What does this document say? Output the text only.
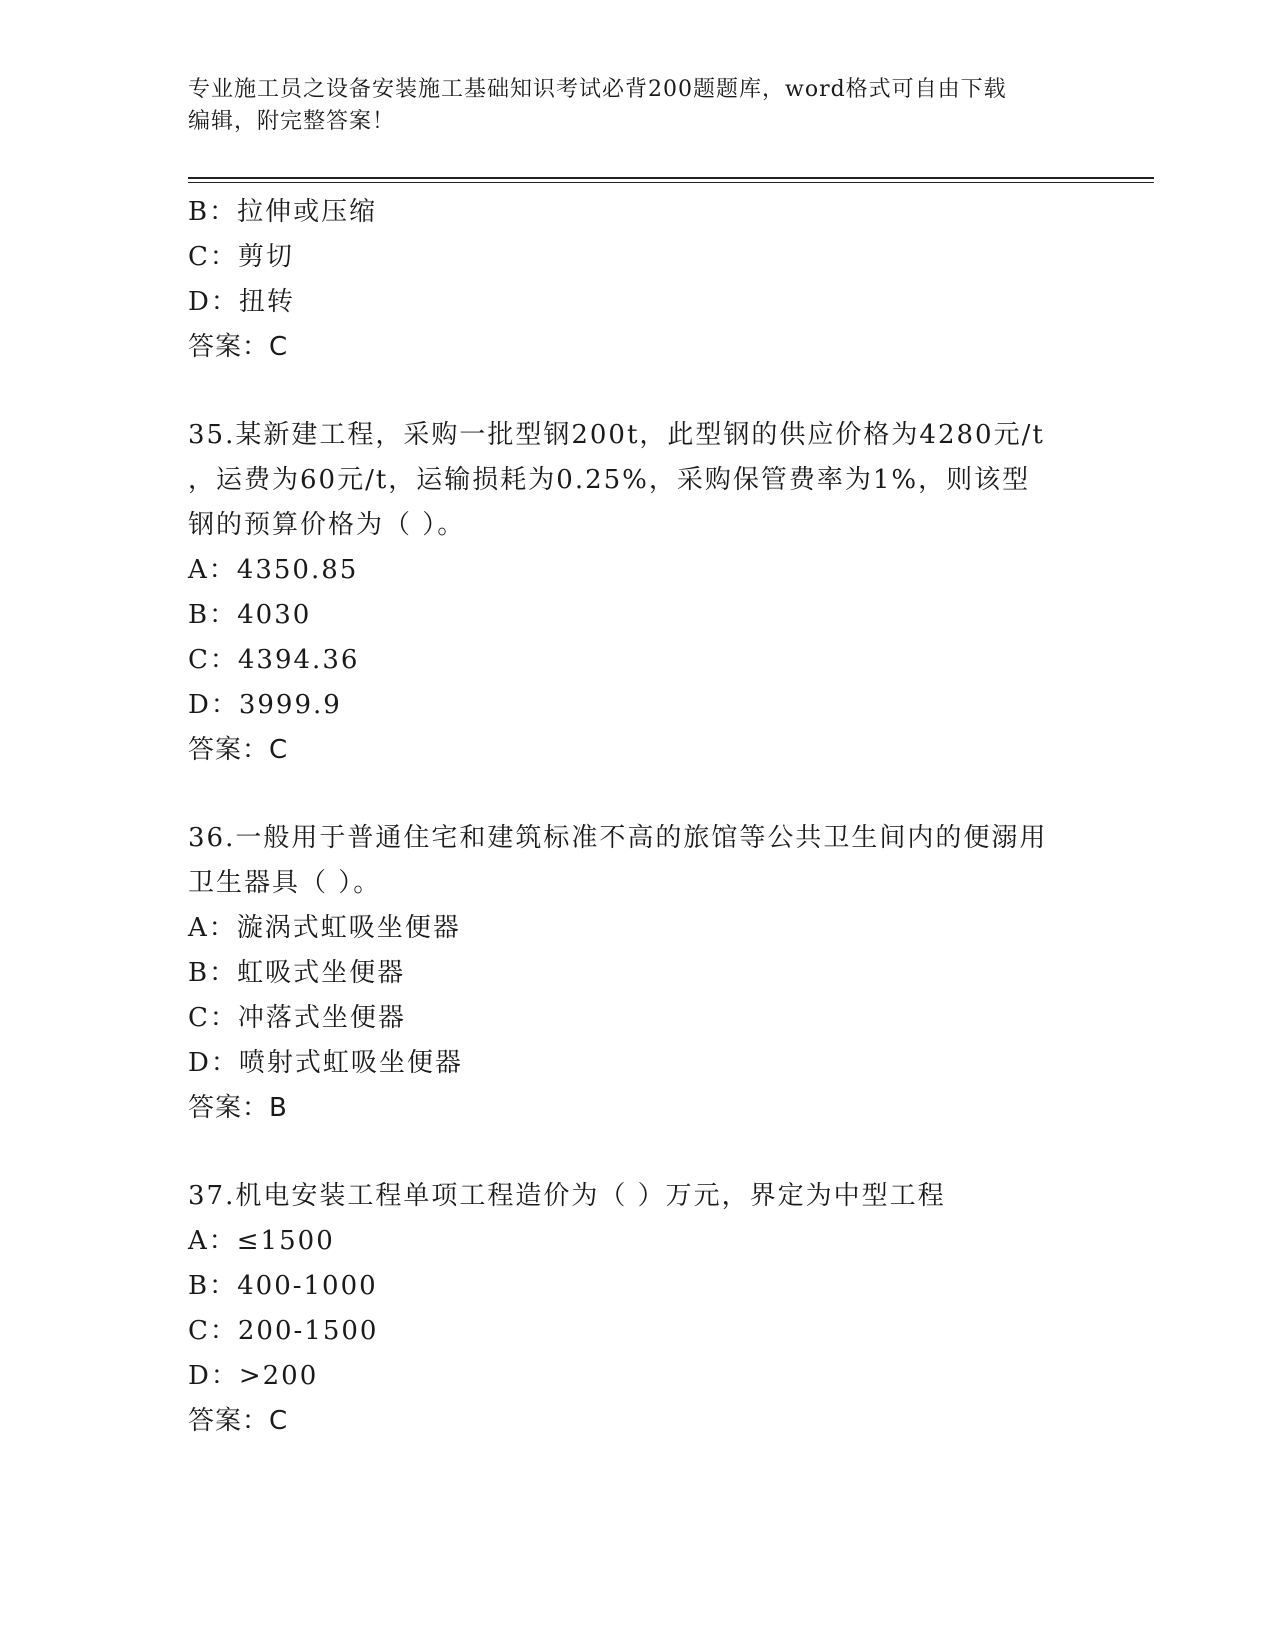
专业施工员之设备安装施工基础知识考试必背200题题库，word格式可自由下载
编辑，附完整答案！
B：拉伸或压缩
C：剪切
D：扭转
答案：C
35.某新建工程，采购一批型钢200t，此型钢的供应价格为4280元/t
，运费为60元/t，运输损耗为0.25%，采购保管费率为1%，则该型
钢的预算价格为（ ）。
A：4350.85
B：4030
C：4394.36
D：3999.9
答案：C
36.一般用于普通住宅和建筑标准不高的旅馆等公共卫生间内的便溺用
卫生器具（ ）。
A：漩涡式虹吸坐便器
B：虹吸式坐便器
C：冲落式坐便器
D：喷射式虹吸坐便器
答案：B
37.机电安装工程单项工程造价为（ ）万元，界定为中型工程
A：≤1500
B：400-1000
C：200-1500
D：>200
答案：C
